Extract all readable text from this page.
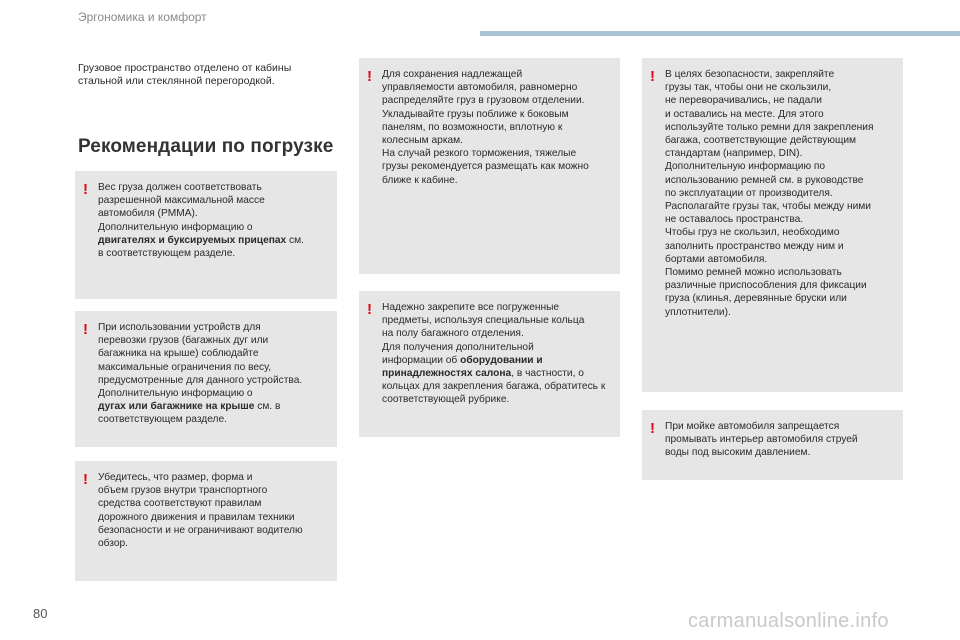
Эргономика и комфорт
Грузовое пространство отделено от кабины стальной или стеклянной перегородкой.
Рекомендации по погрузке
! Вес груза должен соответствовать
разрешенной максимальной массе
автомобиля (PMMA).
Дополнительную информацию о
двигателях и буксируемых прицепах см.
в соответствующем разделе.

! При использовании устройств для
перевозки грузов (багажных дуг или
багажника на крыше) соблюдайте
максимальные ограничения по весу,
предусмотренные для данного устройства.
Дополнительную информацию о
дугах или багажнике на крыше см. в
соответствующем разделе.

! Убедитесь, что размер, форма и
объем грузов внутри транспортного
средства соответствуют правилам
дорожного движения и правилам техники
безопасности и не ограничивают водителю
обзор.

! Для сохранения надлежащей
управляемости автомобиля, равномерно
распределяйте груз в грузовом отделении.
Укладывайте грузы поближе к боковым
панелям, по возможности, вплотную к
колесным аркам.
На случай резкого торможения, тяжелые
грузы рекомендуется размещать как можно
ближе к кабине.

! Надежно закрепите все погруженные
предметы, используя специальные кольца
на полу багажного отделения.
Для получения дополнительной
информации об оборудовании и принадлежностях салона, в частности, о кольцах для закрепления багажа, обратитесь к соответствующей рубрике.

! В целях безопасности, закрепляйте
грузы так, чтобы они не скользили,
не переворачивались, не падали
и оставались на месте. Для этого
используйте только ремни для закрепления
багажа, соответствующие действующим
стандартам (например, DIN).
Дополнительную информацию по
использованию ремней см. в руководстве
по эксплуатации от производителя.
Располагайте грузы так, чтобы между ними
не оставалось пространства.
Чтобы груз не скользил, необходимо
заполнить пространство между ним и
бортами автомобиля.
Помимо ремней можно использовать
различные приспособления для фиксации
груза (клинья, деревянные бруски или
уплотнители).

! При мойке автомобиля запрещается
промывать интерьер автомобиля струей
воды под высоким давлением.

80	carmanualsonline.info
